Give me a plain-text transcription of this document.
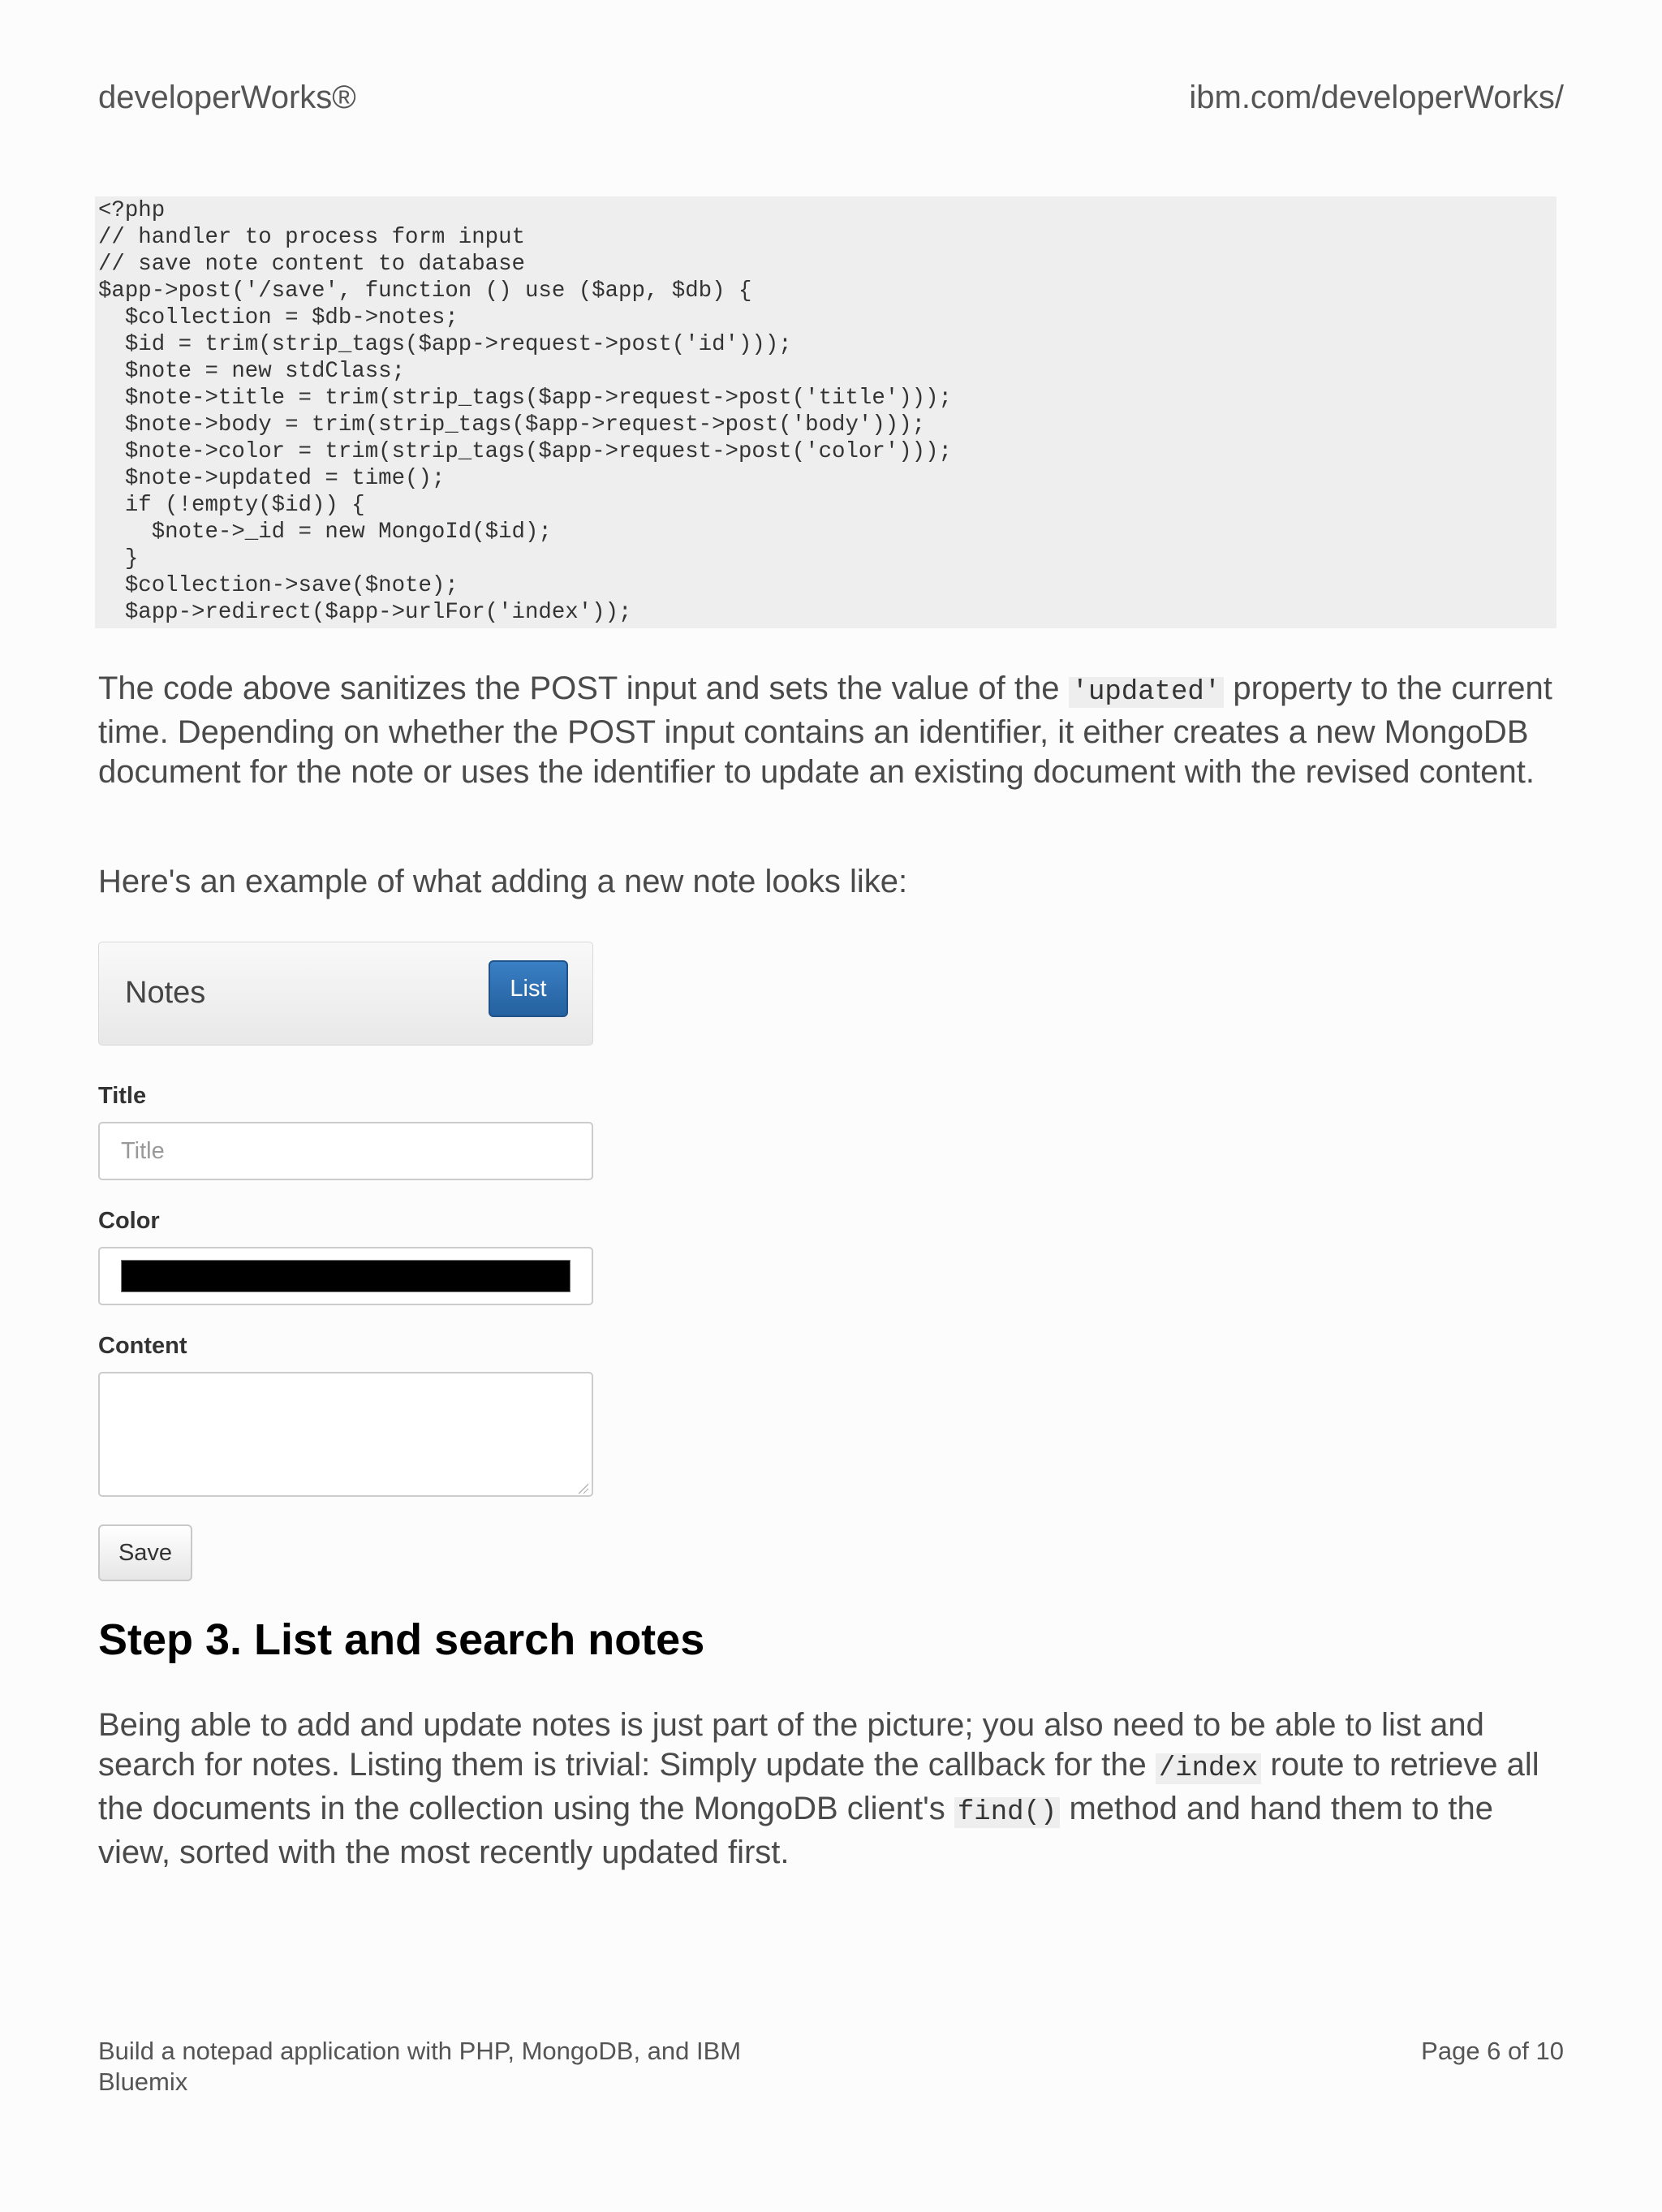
developerWorks®	ibm.com/developerWorks/
<?php
// handler to process form input
// save note content to database
$app->post('/save', function () use ($app, $db) {
$collection = $db->notes;
$id = trim(strip_tags($app->request->post('id')));
$note = new stdClass;
$note->title = trim(strip_tags($app->request->post('title')));
$note->body = trim(strip_tags($app->request->post('body')));
$note->color = trim(strip_tags($app->request->post('color')));
$note->updated = time();
if (!empty($id)) {
$note->_id = new MongoId($id);
}
$collection->save($note);
$app->redirect($app->urlFor('index'));

The code above sanitizes the POST input and sets the value of the 'updated' property to the current time. Depending on whether the POST input contains an identifier, it either creates a new MongoDB document for the note or uses the identifier to update an existing document with the revised content.

Here's an example of what adding a new note looks like:

Notes	List
Title
Title
Color
Content
Save
Step 3. List and search notes

Being able to add and update notes is just part of the picture; you also need to be able to list and search for notes. Listing them is trivial: Simply update the callback for the /index route to retrieve all the documents in the collection using the MongoDB client's find() method and hand them to the view, sorted with the most recently updated first.

Build a notepad application with PHP, MongoDB, and IBM Bluemix
Page 6 of 10
